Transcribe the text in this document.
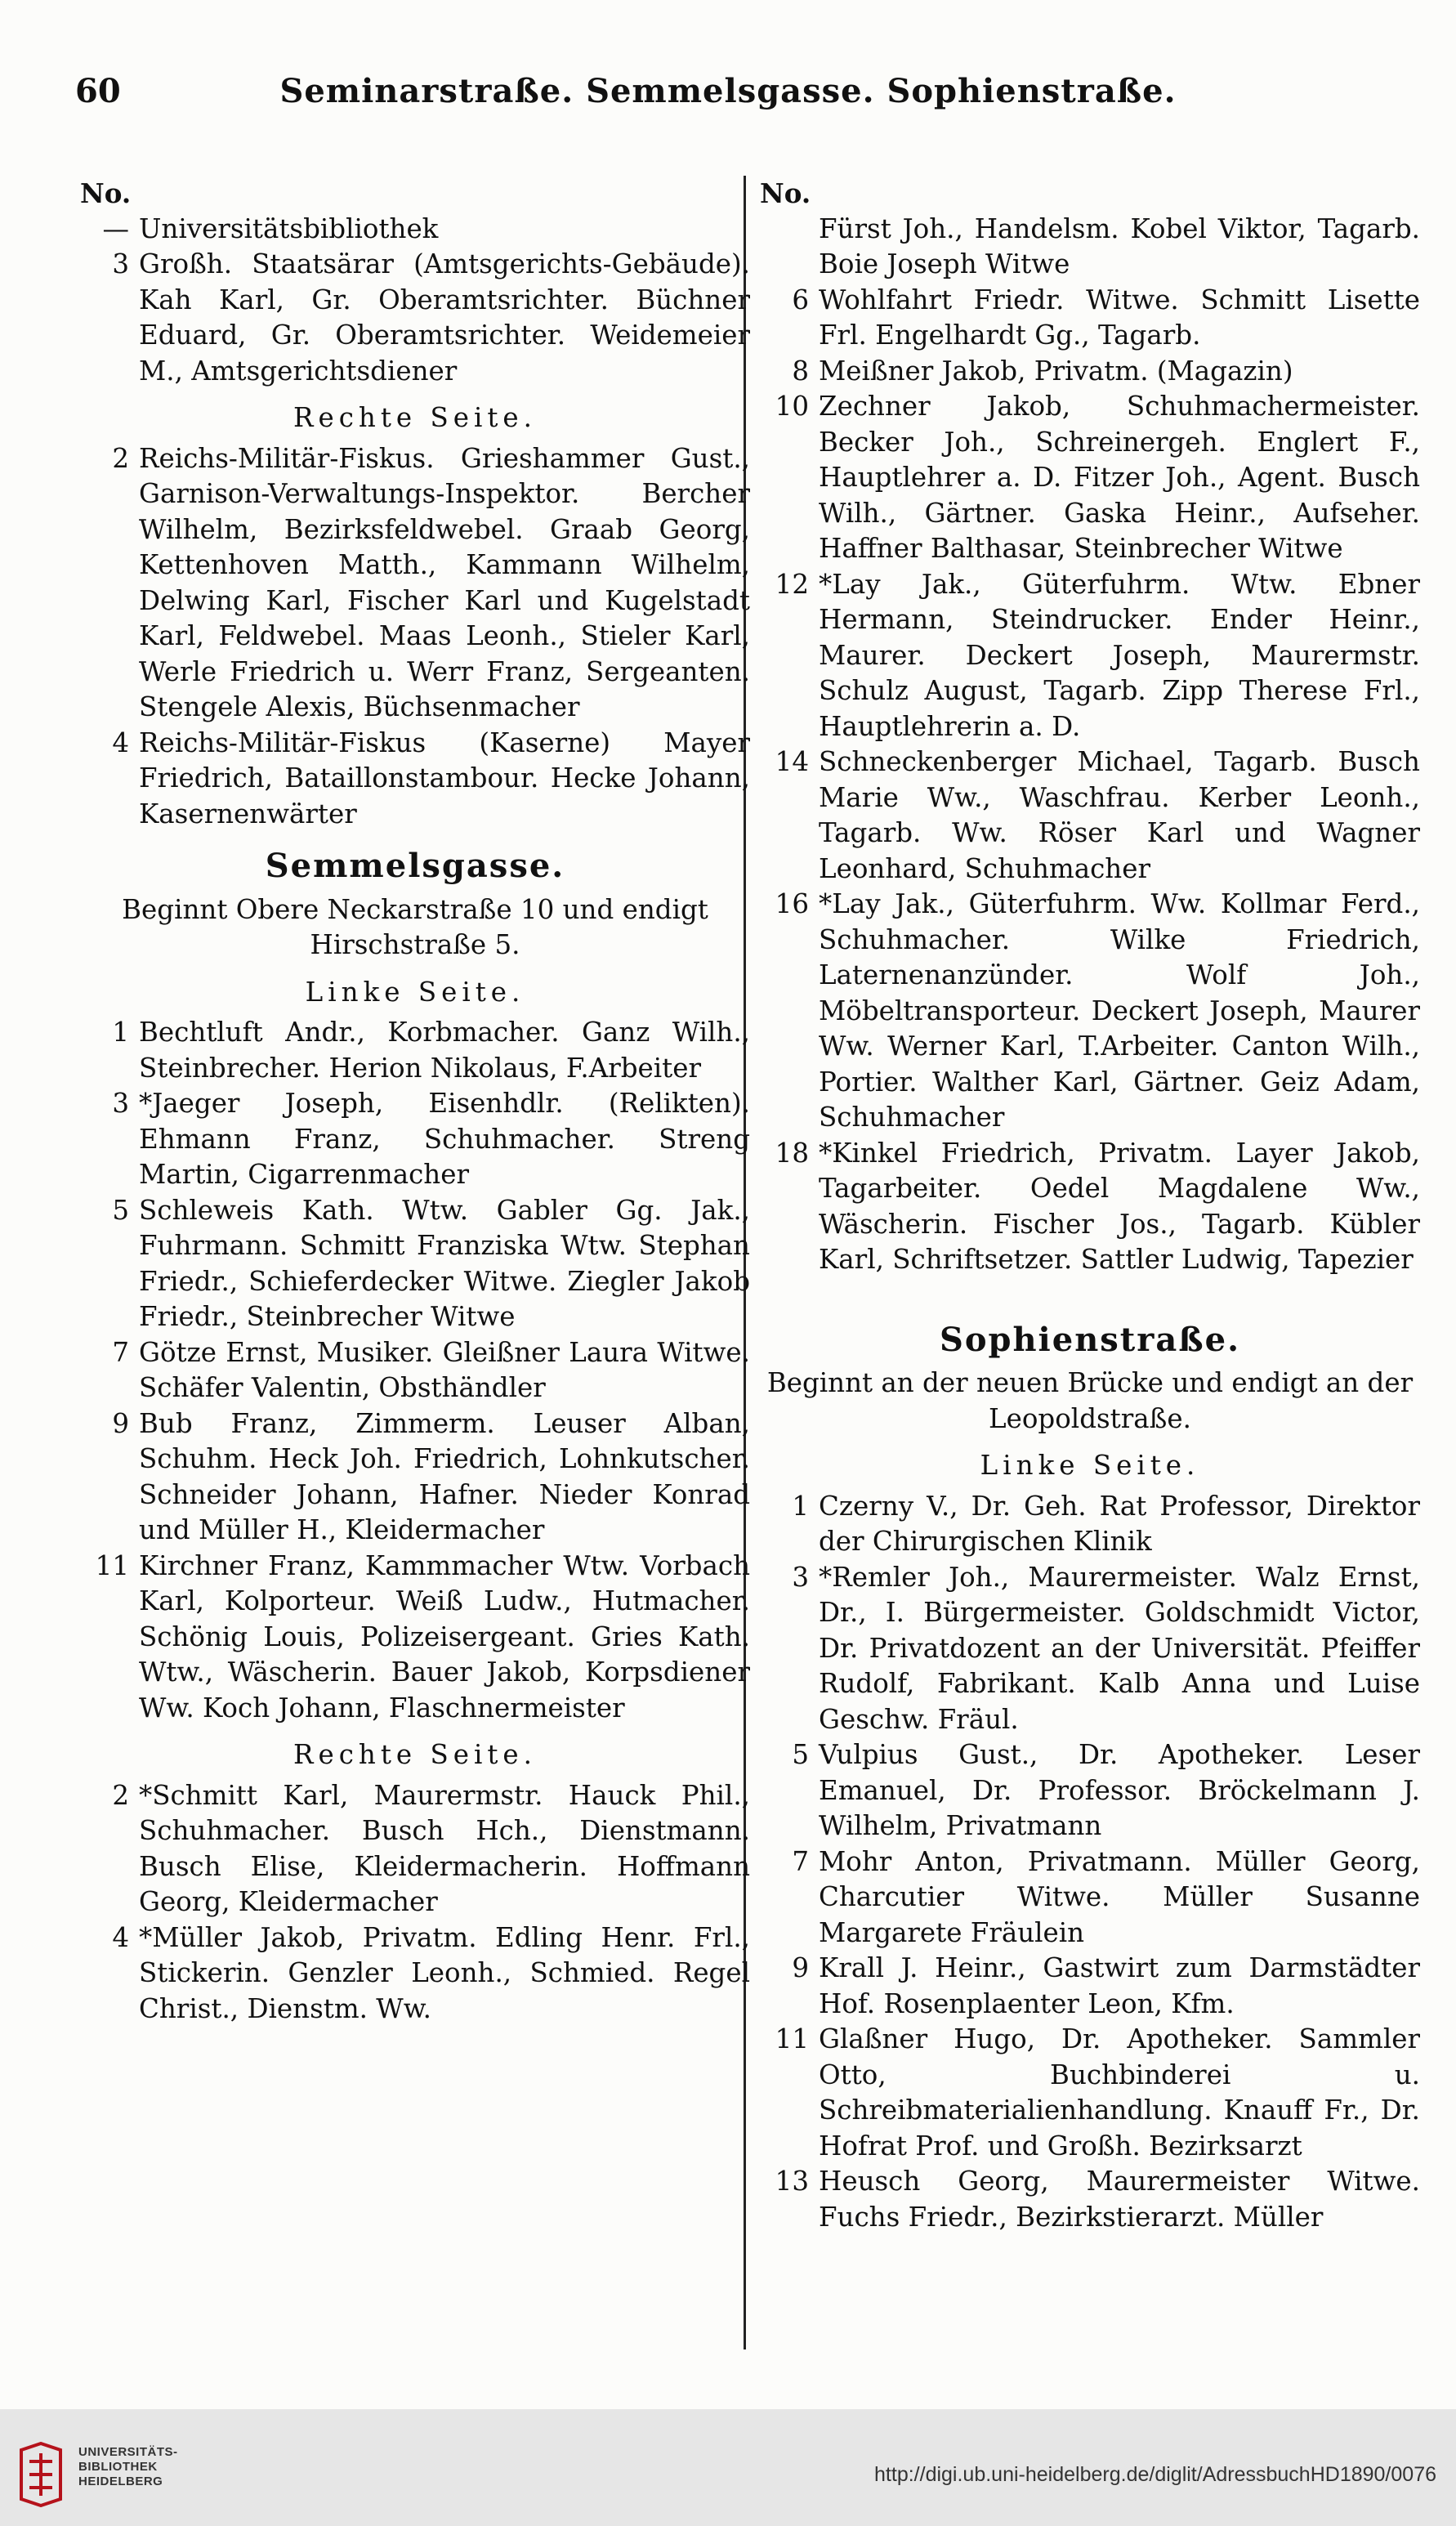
60	Seminarstraße. Semmelsgasse. Sophienstraße.

No.

— Universitätsbibliothek

3 Großh. Staatsärar (Amtsgerichts-Gebäude). Kah Karl, Gr. Oberamtsrichter. Büchner Eduard, Gr. Oberamtsrichter. Weidemeier M., Amtsgerichtsdiener

Rechte Seite.

2 Reichs-Militär-Fiskus. Grieshammer Gust., Garnison-Verwaltungs-Inspektor. Bercher Wilhelm, Bezirksfeldwebel. Graab Georg, Kettenhoven Matth., Kammann Wilhelm, Delwing Karl, Fischer Karl und Kugelstadt Karl, Feldwebel. Maas Leonh., Stieler Karl, Werle Friedrich u. Werr Franz, Sergeanten. Stengele Alexis, Büchsenmacher

4 Reichs-Militär-Fiskus (Kaserne) Mayer Friedrich, Bataillonstambour. Hecke Johann, Kasernenwärter

Semmelsgasse.
Beginnt Obere Neckarstraße 10 und endigt Hirschstraße 5.
Linke Seite.

1 Bechtluft Andr., Korbmacher. Ganz Wilh., Steinbrecher. Herion Nikolaus, F.Arbeiter

3 *Jaeger Joseph, Eisenhdlr. (Relikten). Ehmann Franz, Schuhmacher. Streng Martin, Cigarrenmacher

5 Schleweis Kath. Wtw. Gabler Gg. Jak., Fuhrmann. Schmitt Franziska Wtw. Stephan Friedr., Schieferdecker Witwe. Ziegler Jakob Friedr., Steinbrecher Witwe

7 Götze Ernst, Musiker. Gleißner Laura Witwe. Schäfer Valentin, Obsthändler

9 Bub Franz, Zimmerm. Leuser Alban, Schuhm. Heck Joh. Friedrich, Lohnkutscher. Schneider Johann, Hafner. Nieder Konrad und Müller H., Kleidermacher

11 Kirchner Franz, Kammmacher Wtw. Vorbach Karl, Kolporteur. Weiß Ludw., Hutmacher. Schönig Louis, Polizeisergeant. Gries Kath. Wtw., Wäscherin. Bauer Jakob, Korpsdiener Ww. Koch Johann, Flaschnermeister

Rechte Seite.

2 *Schmitt Karl, Maurermstr. Hauck Phil., Schuhmacher. Busch Hch., Dienstmann. Busch Elise, Kleidermacherin. Hoffmann Georg, Kleidermacher

4 *Müller Jakob, Privatm. Edling Henr. Frl., Stickerin. Genzler Leonh., Schmied. Regel Christ., Dienstm. Ww.

No.

Fürst Joh., Handelsm. Kobel Viktor, Tagarb. Boie Joseph Witwe

6 Wohlfahrt Friedr. Witwe. Schmitt Lisette Frl. Engelhardt Gg., Tagarb.

8 Meißner Jakob, Privatm. (Magazin)

10 Zechner Jakob, Schuhmachermeister. Becker Joh., Schreinergeh. Englert F., Hauptlehrer a. D. Fitzer Joh., Agent. Busch Wilh., Gärtner. Gaska Heinr., Aufseher. Haffner Balthasar, Steinbrecher Witwe

12 *Lay Jak., Güterfuhrm. Wtw. Ebner Hermann, Steindrucker. Ender Heinr., Maurer. Deckert Joseph, Maurermstr. Schulz August, Tagarb. Zipp Therese Frl., Hauptlehrerin a. D.

14 Schneckenberger Michael, Tagarb. Busch Marie Ww., Waschfrau. Kerber Leonh., Tagarb. Ww. Röser Karl und Wagner Leonhard, Schuhmacher

16 *Lay Jak., Güterfuhrm. Ww. Kollmar Ferd., Schuhmacher. Wilke Friedrich, Laternenanzünder. Wolf Joh., Möbeltransporteur. Deckert Joseph, Maurer Ww. Werner Karl, T.Arbeiter. Canton Wilh., Portier. Walther Karl, Gärtner. Geiz Adam, Schuhmacher

18 *Kinkel Friedrich, Privatm. Layer Jakob, Tagarbeiter. Oedel Magdalene Ww., Wäscherin. Fischer Jos., Tagarb. Kübler Karl, Schriftsetzer. Sattler Ludwig, Tapezier

Sophienstraße.
Beginnt an der neuen Brücke und endigt an der Leopoldstraße.
Linke Seite.

1 Czerny V., Dr. Geh. Rat Professor, Direktor der Chirurgischen Klinik

3 *Remler Joh., Maurermeister. Walz Ernst, Dr., I. Bürgermeister. Goldschmidt Victor, Dr. Privatdozent an der Universität. Pfeiffer Rudolf, Fabrikant. Kalb Anna und Luise Geschw. Fräul.

5 Vulpius Gust., Dr. Apotheker. Leser Emanuel, Dr. Professor. Bröckelmann J. Wilhelm, Privatmann

7 Mohr Anton, Privatmann. Müller Georg, Charcutier Witwe. Müller Susanne Margarete Fräulein

9 Krall J. Heinr., Gastwirt zum Darmstädter Hof. Rosenplaenter Leon, Kfm.

11 Glaßner Hugo, Dr. Apotheker. Sammler Otto, Buchbinderei u. Schreibmaterialienhandlung. Knauff Fr., Dr. Hofrat Prof. und Großh. Bezirksarzt

13 Heusch Georg, Maurermeister Witwe. Fuchs Friedr., Bezirkstierarzt. Müller

UNIVERSITÄTS-
BIBLIOTHEK
HEIDELBERG	http://digi.ub.uni-heidelberg.de/diglit/AdressbuchHD1890/0076
